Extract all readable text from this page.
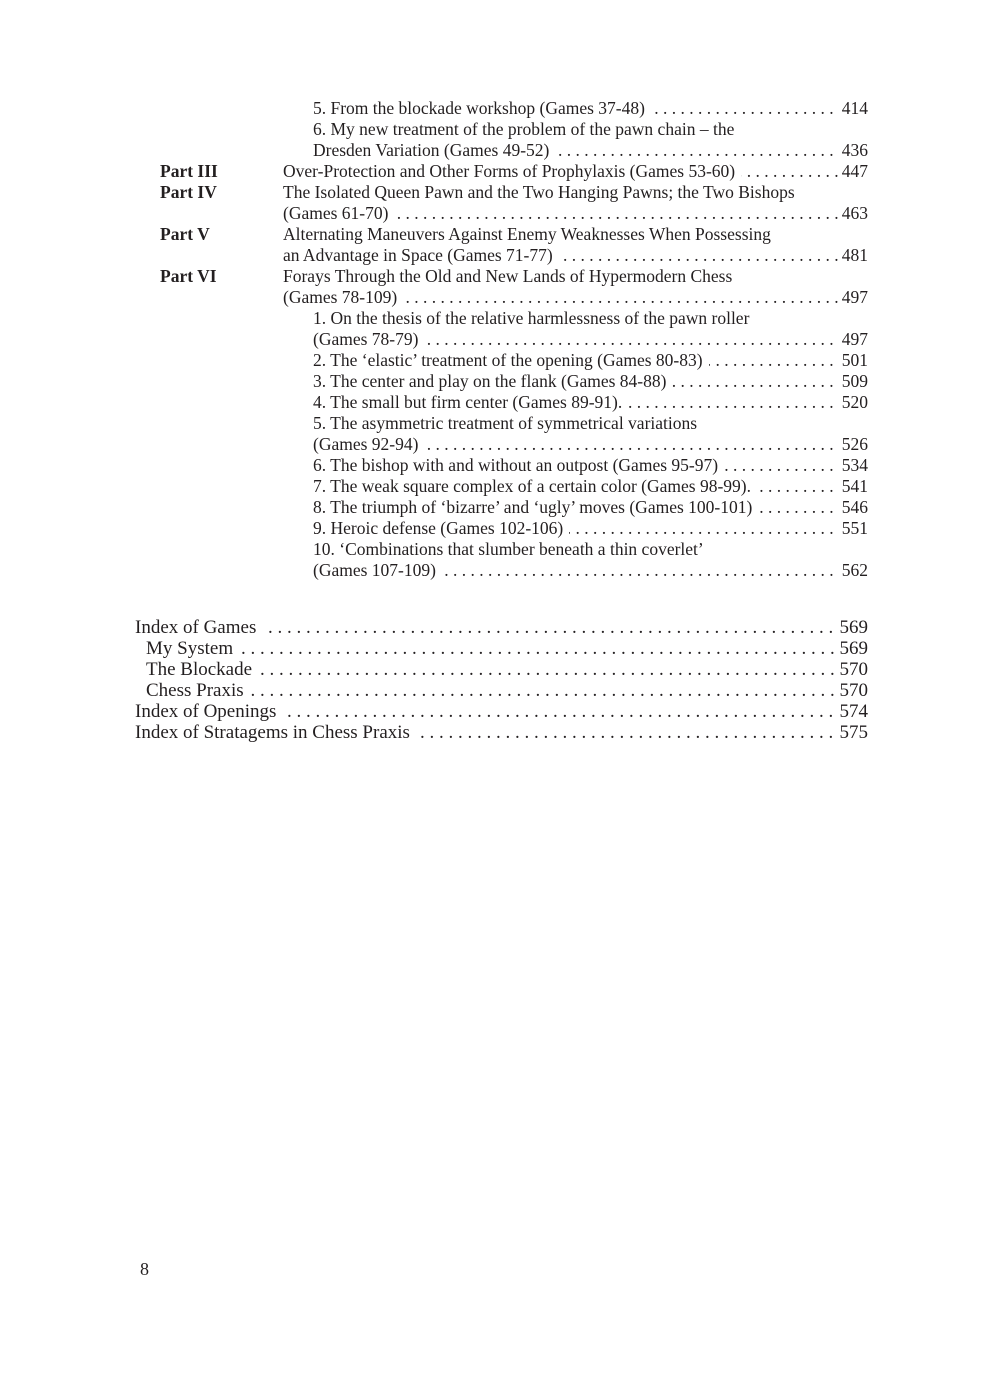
. . .
5. From the blockade workshop (Games 37-48)	414
6. My new treatment of the problem of the pawn chain – the
. . .
Dresden Variation (Games 49-52)	436
Part III . . .	Over-Protection and Other Forms of Prophylaxis (Games 53-60)	447
Part IV	The Isolated Queen Pawn and the Two Hanging Pawns; the Two Bishops
. . .
(Games 61-70)	463
Part V	Alternating Maneuvers Against Enemy Weaknesses When Possessing
. . .
an Advantage in Space (Games 71-77)	481
Part VI	Forays Through the Old and New Lands of Hypermodern Chess
. . .
(Games 78-109)	497
1. On the thesis of the relative harmlessness of the pawn roller
. . .
(Games 78-79)	497
. . .
2. The ‘elastic’ treatment of the opening (Games 80-83)	501
. . .
3. The center and play on the flank (Games 84-88)	509
. . .
4. The small but firm center (Games 89-91).	520
5. The asymmetric treatment of symmetrical variations
. . .
(Games 92-94)	526
. . .
6. The bishop with and without an outpost (Games 95-97)	534
. . .
7. The weak square complex of a certain color (Games 98-99).	541
. . .
8. The triumph of ‘bizarre’ and ‘ugly’ moves (Games 100-101)	546
. . .
9. Heroic defense (Games 102-106)	551
10. ‘Combinations that slumber beneath a thin coverlet’
. . .
(Games 107-109)	562
. . .
Index of Games	569
. . .
My System	569
. . .
The Blockade	570
. . .
Chess Praxis	570
. . .
Index of Openings	574
. . .
Index of Stratagems in Chess Praxis	575
8
